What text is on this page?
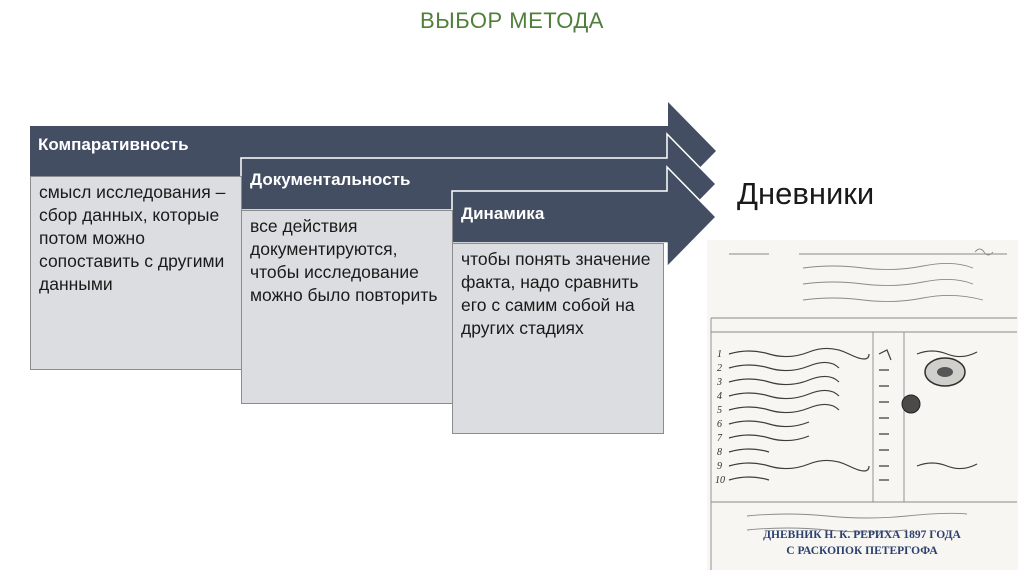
ВЫБОР МЕТОДА
Компаративность
смысл исследования – сбор данных, которые потом можно сопоставить с другими данными
Документальность
все действия документируются, чтобы исследование можно было повторить
Динамика
чтобы понять значение факта, надо сравнить его с самим собой на других стадиях
Дневники
1
2
3
4
5
6
7
8
9
10
ДНЕВНИК Н. К. РЕРИХА 1897 ГОДА
С РАСКОПОК ПЕТЕРГОФА
